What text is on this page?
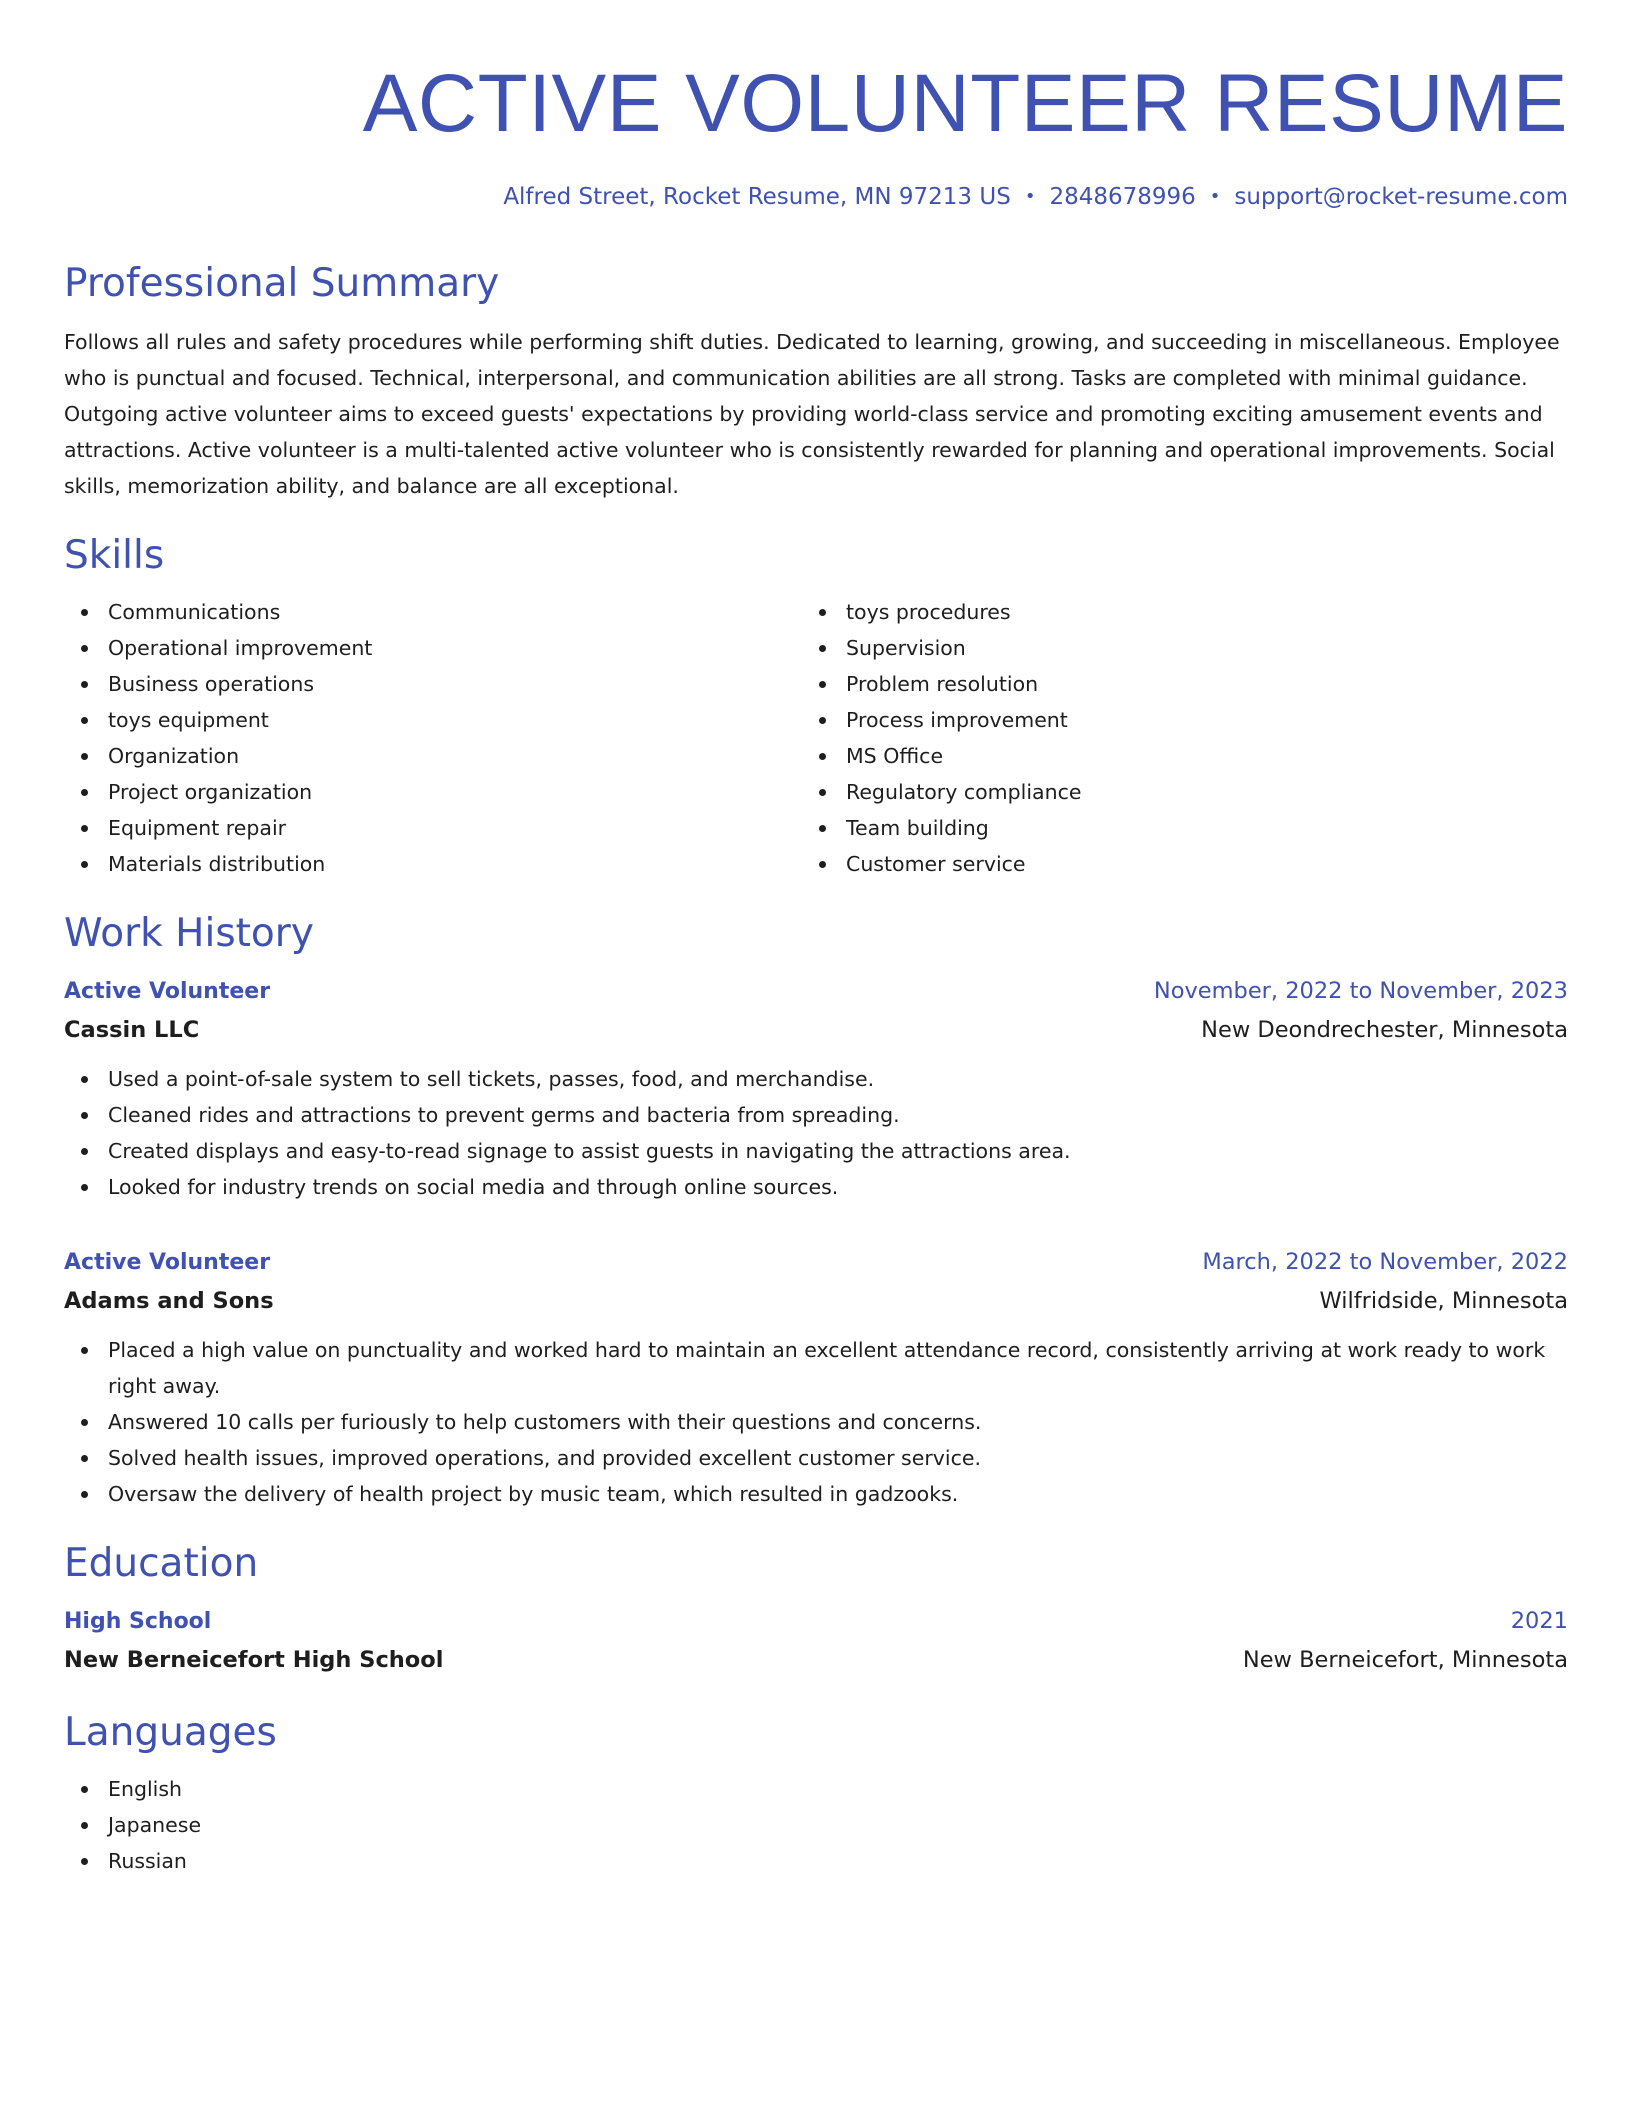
ACTIVE VOLUNTEER RESUME
Alfred Street, Rocket Resume, MN 97213 US • 2848678996 • support@rocket-resume.com
Professional Summary

Follows all rules and safety procedures while performing shift duties. Dedicated to learning, growing, and succeeding in miscellaneous. Employee who is punctual and focused. Technical, interpersonal, and communication abilities are all strong. Tasks are completed with minimal guidance. Outgoing active volunteer aims to exceed guests' expectations by providing world-class service and promoting exciting amusement events and attractions. Active volunteer is a multi-talented active volunteer who is consistently rewarded for planning and operational improvements. Social skills, memorization ability, and balance are all exceptional.

Skills
Communications
Operational improvement
Business operations
toys equipment
Organization
Project organization
Equipment repair
Materials distribution
toys procedures
Supervision
Problem resolution
Process improvement
MS Office
Regulatory compliance
Team building
Customer service
Work History
Active Volunteer	November, 2022 to November, 2023
Cassin LLC	New Deondrechester, Minnesota
Used a point-of-sale system to sell tickets, passes, food, and merchandise.
Cleaned rides and attractions to prevent germs and bacteria from spreading.
Created displays and easy-to-read signage to assist guests in navigating the attractions area.
Looked for industry trends on social media and through online sources.
Active Volunteer	March, 2022 to November, 2022
Adams and Sons	Wilfridside, Minnesota
Placed a high value on punctuality and worked hard to maintain an excellent attendance record, consistently arriving at work ready to work right away.
Answered 10 calls per furiously to help customers with their questions and concerns.
Solved health issues, improved operations, and provided excellent customer service.
Oversaw the delivery of health project by music team, which resulted in gadzooks.
Education
High School	2021
New Berneicefort High School	New Berneicefort, Minnesota
Languages
English
Japanese
Russian
